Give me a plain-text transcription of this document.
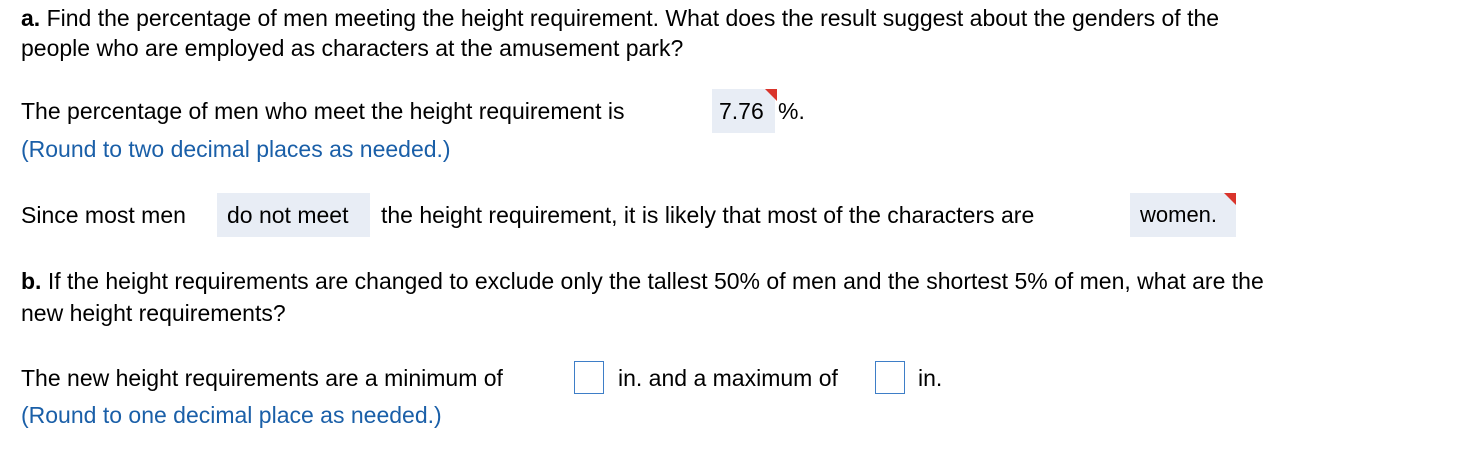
a. Find the percentage of men meeting the height requirement. What does the result suggest about the genders of the
people who are employed as characters at the amusement park?
The percentage of men who meet the height requirement is	7.76 %.
(Round to two decimal places as needed.)
Since most men	do not meet	the height requirement, it is likely that most of the characters are	women.
b. If the height requirements are changed to exclude only the tallest 50% of men and the shortest 5% of men, what are the
new height requirements?
The new height requirements are a minimum of	in. and a maximum of	in.
(Round to one decimal place as needed.)
